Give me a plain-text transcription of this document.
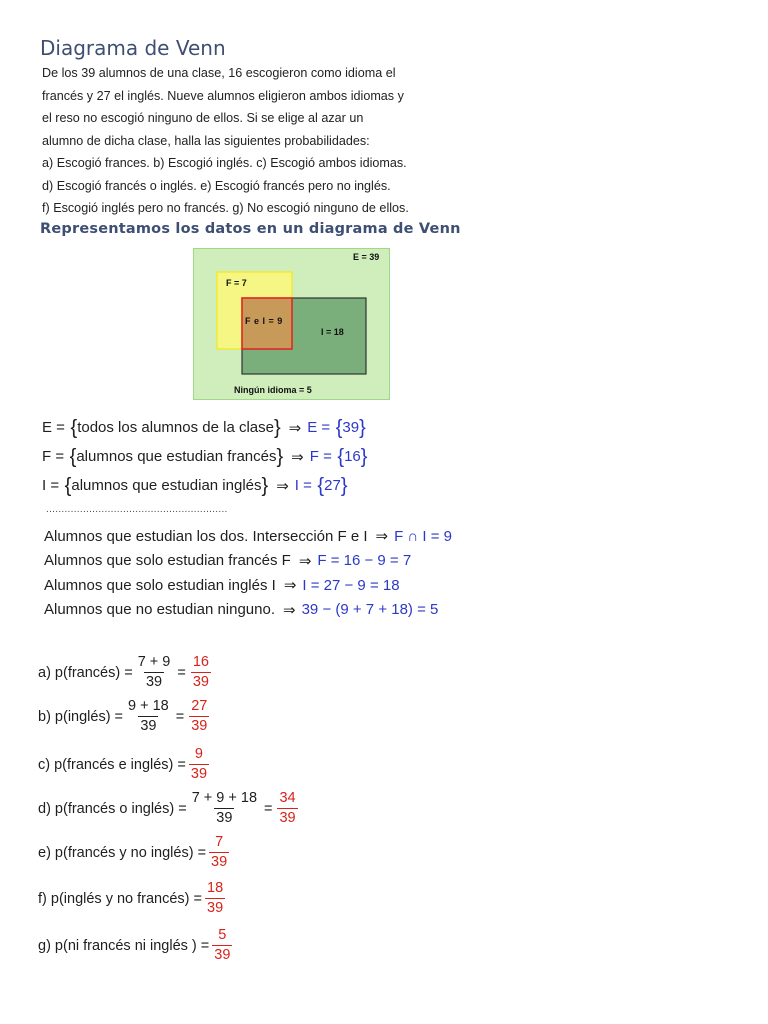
Diagrama de Venn
De los 39 alumnos de una clase, 16 escogieron como idioma el
francés y 27 el inglés. Nueve alumnos eligieron ambos idiomas y
el reso no escogió ninguno de ellos. Si se elige al azar un
alumno de dicha clase, halla las siguientes probabilidades:
a) Escogió frances. b) Escogió inglés. c) Escogió ambos idiomas.
d) Escogió francés o inglés. e) Escogió francés pero no inglés.
f) Escogió inglés pero no francés. g) No escogió ninguno de ellos.
Representamos los datos en un diagrama de Venn
E = 39
F = 7
F e I = 9
I = 18
Ningún idioma = 5
E = { todos los alumnos de la clase } ⇒ E = { 39 }
F = { alumnos que estudian francés } ⇒ F = { 16 }
I = { alumnos que estudian inglés } ⇒ I = { 27 }
...........................................................
Alumnos que estudian los dos. Intersección F e I ⇒ F ∩ I = 9
Alumnos que solo estudian francés F ⇒ F = 16 − 9 = 7
Alumnos que solo estudian inglés I ⇒ I = 27 − 9 = 18
Alumnos que no estudian ninguno. ⇒ 39 − (9 + 7 + 18) = 5
a) p(francés) = $\frac{7 + 9}{39} = \frac{16}{39}$
b) p(inglés) = $\frac{9 + 18}{39} = \frac{27}{39}$
c) p(francés e inglés) = $\frac{9}{39}$
d) p(francés o inglés) = $\frac{7 + 9 + 18}{39} = \frac{34}{39}$
e) p(francés y no inglés) = $\frac{7}{39}$
f) p(inglés y no francés) = $\frac{18}{39}$
g) p(ni francés ni inglés ) = $\frac{5}{39}$
